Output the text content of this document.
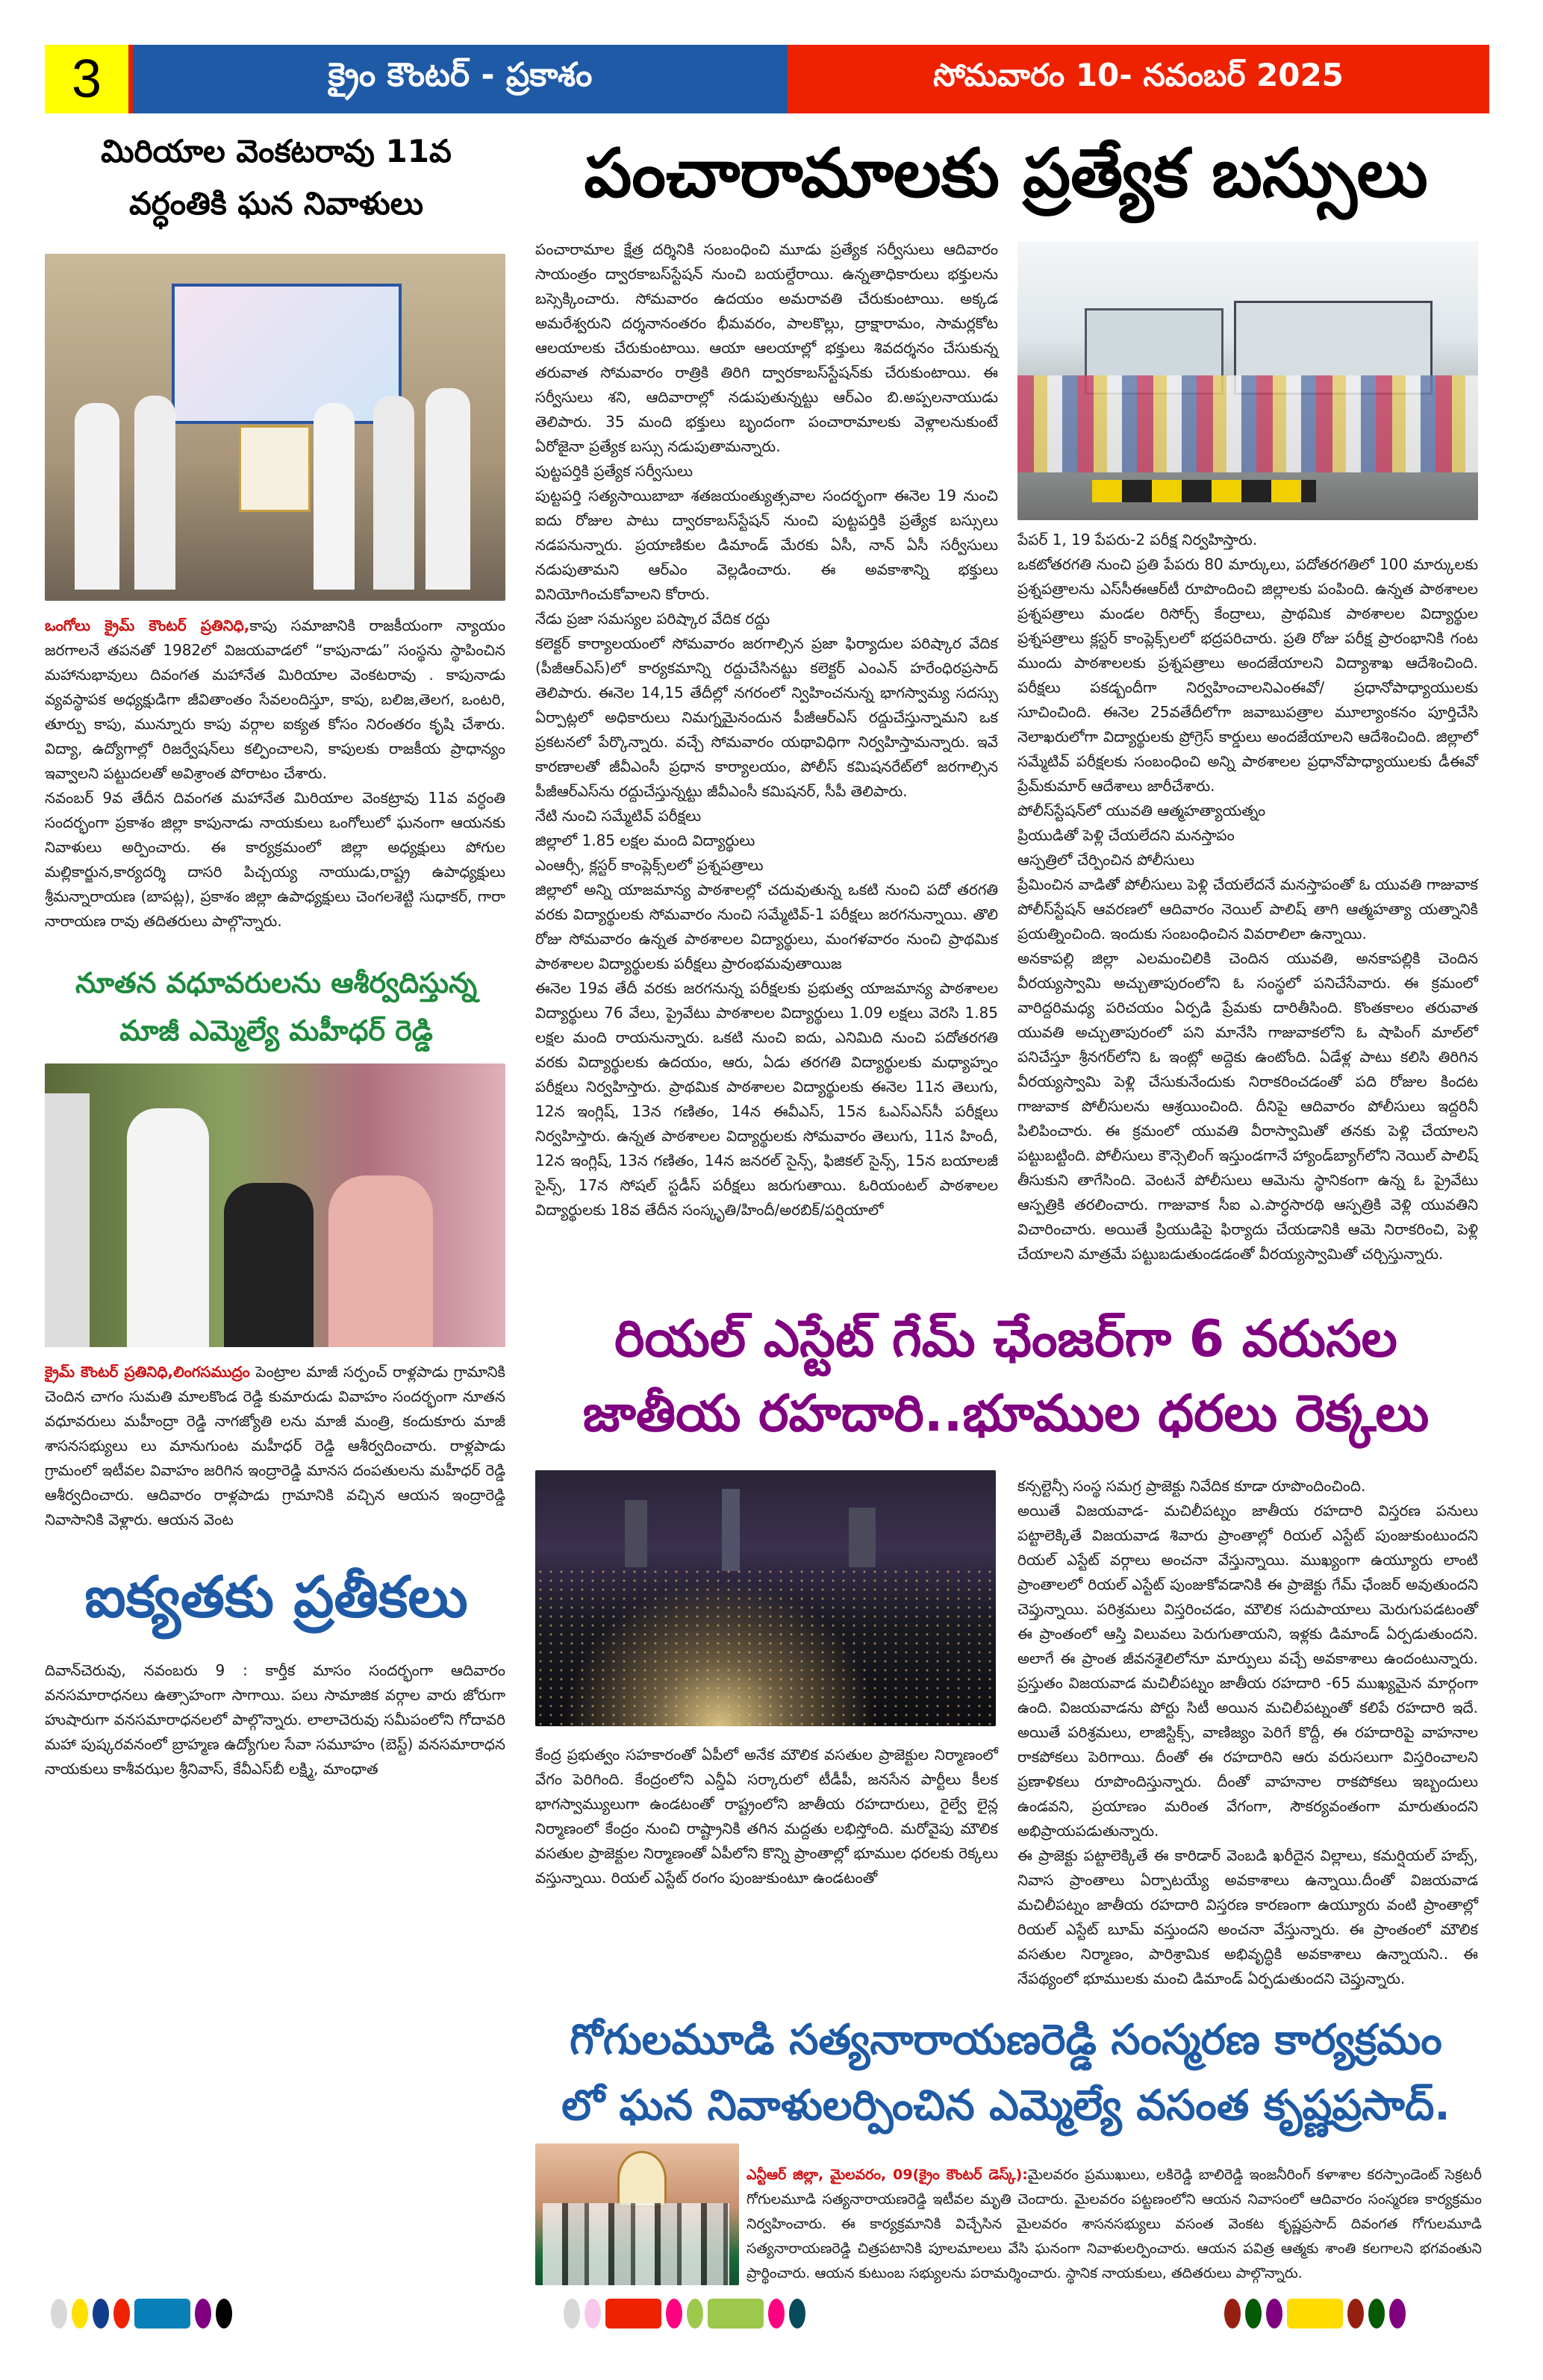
3	క్రైం కౌంటర్ - ప్రకాశం	సోమవారం 10- నవంబర్ 2025
మిరియాల వెంకటరావు 11వ
వర్ధంతికి ఘన నివాళులు

ఒంగోలు క్రైమ్ కౌంటర్ ప్రతినిధి,కాపు సమాజానికి రాజకీయంగా న్యాయం జరగాలనే తపనతో 1982లో విజయవాడలో “కాపునాడు” సంస్థను స్థాపించిన మహానుభావులు దివంగత మహానేత మిరియాల వెంకటరావు . కాపునాడు వ్యవస్థాపక అధ్యక్షుడిగా జీవితాంతం సేవలందిస్తూ, కాపు, బలిజ,తెలగ, ఒంటరి, తూర్పు కాపు, మున్నూరు కాపు వర్గాల ఐక్యత కోసం నిరంతరం కృషి చేశారు. విద్యా, ఉద్యోగాల్లో రిజర్వేషన్‌లు కల్పించాలని, కాపులకు రాజకీయ ప్రాధాన్యం ఇవ్వాలని పట్టుదలతో అవిశ్రాంత పోరాటం చేశారు.

నవంబర్ 9వ తేదీన దివంగత మహానేత మిరియాల వెంకట్రావు 11వ వర్ధంతి సందర్భంగా ప్రకాశం జిల్లా కాపునాడు నాయకులు ఒంగోలులో ఘనంగా ఆయనకు నివాళులు అర్పించారు. ఈ కార్యక్రమంలో జిల్లా అధ్యక్షులు పోగుల మల్లికార్జున,కార్యదర్శి దాసరి పిచ్చయ్య నాయుడు,రాష్ట్ర ఉపాధ్యక్షులు శ్రీమన్నారాయణ (బాపట్ల), ప్రకాశం జిల్లా ఉపాధ్యక్షులు చెంగలశెట్టి సుధాకర్, గారా నారాయణ రావు తదితరులు పాల్గొన్నారు.

నూతన వధూవరులను ఆశీర్వదిస్తున్న
మాజీ ఎమ్మెల్యే మహీధర్ రెడ్డి

క్రైమ్ కౌంటర్ ప్రతినిధి,లింగసముద్రం పెంట్రాల మాజీ సర్పంచ్ రాళ్లపాడు గ్రామానికి చెందిన చాగం సుమతి మాలకొండ రెడ్డి కుమారుడు వివాహం సందర్భంగా నూతన వధూవరులు మహీంద్రా రెడ్డి నాగజ్యోతి లను మాజీ మంత్రి, కందుకూరు మాజీ శాసనసభ్యులు లు మానుగుంట మహీధర్ రెడ్డి ఆశీర్వదించారు. రాళ్లపాడు గ్రామంలో ఇటీవల వివాహం జరిగిన ఇంద్రారెడ్డి మానస దంపతులను మహీధర్ రెడ్డి ఆశీర్వదించారు. ఆదివారం రాళ్లపాడు గ్రామానికి వచ్చిన ఆయన ఇంద్రారెడ్డి నివాసానికి వెళ్లారు. ఆయన వెంట

ఐక్యతకు ప్రతీకలు

దివాన్‌చెరువు, నవంబరు 9 : కార్తీక మాసం సందర్భంగా ఆదివారం వనసమారాధనలు ఉత్సాహంగా సాగాయి. పలు సామాజిక వర్గాల వారు జోరుగా హుషారుగా వనసమారాధనలలో పాల్గొన్నారు. లాలాచెరువు సమీపంలోని గోదావరి మహా పుష్కరవనంలో బ్రాహ్మణ ఉద్యోగుల సేవా సమూహం (బెస్ట్) వనసమారాధన నాయకులు కాశీవఝల శ్రీనివాస్, కేవీఎస్‌బీ లక్ష్మి, మాంధాత

పంచారామాలకు ప్రత్యేక బస్సులు

పంచారామాల క్షేత్ర దర్శినికి సంబంధించి మూడు ప్రత్యేక సర్వీసులు ఆదివారం సాయంత్రం ద్వారకాబస్‌స్టేషన్ నుంచి బయల్దేరాయి. ఉన్నతాధికారులు భక్తులను బస్సెక్కించారు. సోమవారం ఉదయం అమరావతి చేరుకుంటాయి. అక్కడ అమరేశ్వరుని దర్శనానంతరం భీమవరం, పాలకొల్లు, ద్రాక్షారామం, సామర్లకోట ఆలయాలకు చేరుకుంటాయి. ఆయా ఆలయాల్లో భక్తులు శివదర్శనం చేసుకున్న తరువాత సోమవారం రాత్రికి తిరిగి ద్వారకాబస్‌స్టేషన్‌కు చేరుకుంటాయి. ఈ సర్వీసులు శని, ఆదివారాల్లో నడుపుతున్నట్టు ఆర్‌ఎం బి.అప్పలనాయుడు తెలిపారు. 35 మంది భక్తులు బృందంగా పంచారామాలకు వెళ్లాలనుకుంటే ఏరోజైనా ప్రత్యేక బస్సు నడుపుతామన్నారు.

పుట్టపర్తికి ప్రత్యేక సర్వీసులు

పుట్టపర్తి సత్యసాయిబాబా శతజయంత్యుత్సవాల సందర్భంగా ఈనెల 19 నుంచి ఐదు రోజుల పాటు ద్వారకాబస్‌స్టేషన్ నుంచి పుట్టపర్తికి ప్రత్యేక బస్సులు నడపనున్నారు. ప్రయాణికుల డిమాండ్ మేరకు ఏసీ, నాన్ ఏసీ సర్వీసులు నడుపుతామని ఆర్‌ఎం వెల్లడించారు. ఈ అవకాశాన్ని భక్తులు వినియోగించుకోవాలని కోరారు.

నేడు ప్రజా సమస్యల పరిష్కార వేదిక రద్దు

కలెక్టర్ కార్యాలయంలో సోమవారం జరగాల్సిన ప్రజా ఫిర్యాదుల పరిష్కార వేదిక (పీజీఆర్‌ఎస్)లో కార్యకమాన్ని రద్దుచేసినట్టు కలెక్టర్ ఎంఎన్ హరేంధిరప్రసాద్ తెలిపారు. ఈనెల 14,15 తేదీల్లో నగరంలో న్విహించనున్న భాగస్వామ్య సదస్సు ఏర్పాట్లలో అధికారులు నిమగ్నమైనందున పీజీఆర్‌ఎస్ రద్దుచేస్తున్నామని ఒక ప్రకటనలో పేర్కొన్నారు. వచ్చే సోమవారం యథావిధిగా నిర్వహిస్తామన్నారు. ఇవే కారణాలతో జీవీఎంసీ ప్రధాన కార్యాలయం, పోలీస్ కమిషనరేట్‌లో జరగాల్సిన పీజీఆర్‌ఎస్‌ను రద్దుచేస్తున్నట్టు జీవీఎంసీ కమిషనర్, సీపీ తెలిపారు.

నేటి నుంచి సమ్మేటివ్ పరీక్షలు

జిల్లాలో 1.85 లక్షల మంది విద్యార్థులు

ఎంఆర్సీ, క్లస్టర్ కాంప్లెక్స్‌లలో ప్రశ్నపత్రాలు

జిల్లాలో అన్ని యాజమాన్య పాఠశాలల్లో చదువుతున్న ఒకటి నుంచి పదో తరగతి వరకు విద్యార్థులకు సోమవారం నుంచి సమ్మేటివ్-1 పరీక్షలు జరగనున్నాయి. తొలి రోజు సోమవారం ఉన్నత పాఠశాలల విద్యార్థులు, మంగళవారం నుంచి ప్రాథమిక పాఠశాలల విద్యార్థులకు పరీక్షలు ప్రారంభమవుతాయిజ

ఈనెల 19వ తేదీ వరకు జరగనున్న పరీక్షలకు ప్రభుత్వ యాజమాన్య పాఠశాలల విద్యార్థులు 76 వేలు, ప్రైవేటు పాఠశాలల విద్యార్థులు 1.09 లక్షలు వెరసి 1.85 లక్షల మంది రాయనున్నారు. ఒకటి నుంచి ఐదు, ఎనిమిది నుంచి పదోతరగతి వరకు విద్యార్థులకు ఉదయం, ఆరు, ఏడు తరగతి విద్యార్థులకు మధ్యాహ్నం పరీక్షలు నిర్వహిస్తారు. ప్రాథమిక పాఠశాలల విద్యార్థులకు ఈనెల 11న తెలుగు, 12న ఇంగ్లిష్, 13న గణితం, 14న ఈవీఎస్, 15న ఓఎస్‌ఎస్‌సీ పరీక్షలు నిర్వహిస్తారు. ఉన్నత పాఠశాలల విద్యార్థులకు సోమవారం తెలుగు, 11న హిందీ, 12న ఇంగ్లిష్, 13న గణితం, 14న జనరల్ సైన్స్, ఫిజికల్ సైన్స్, 15న బయాలజీ సైన్స్, 17న సోషల్ స్టడీస్ పరీక్షలు జరుగుతాయి. ఓరియంటల్ పాఠశాలల విద్యార్థులకు 18వ తేదీన సంస్కృతి/హిందీ/అరబిక్/పర్షియాలో

పేపర్ 1, 19 పేపరు-2 పరీక్ష నిర్వహిస్తారు.

ఒకటోతరగతి నుంచి ప్రతి పేపరు 80 మార్కులు, పదోతరగతిలో 100 మార్కులకు ప్రశ్నపత్రాలను ఎస్‌సీఈఆర్‌టీ రూపొందించి జిల్లాలకు పంపింది. ఉన్నత పాఠశాలల ప్రశ్నపత్రాలు మండల రిసోర్స్ కేంద్రాలు, ప్రాథమిక పాఠశాలల విద్యార్థుల ప్రశ్నపత్రాలు క్లస్టర్ కాంప్లెక్స్‌లలో భద్రపరిచారు. ప్రతి రోజు పరీక్ష ప్రారంభానికి గంట ముందు పాఠశాలలకు ప్రశ్నపత్రాలు అందజేయాలని విద్యాశాఖ ఆదేశించింది. పరీక్షలు పకడ్బందీగా నిర్వహించాలనిఎంఈవో/ ప్రధానోపాధ్యాయులకు సూచించింది. ఈనెల 25వతేదీలోగా జవాబుపత్రాల మూల్యాంకనం పూర్తిచేసి నెలాఖరులోగా విద్యార్థులకు ప్రోగ్రెస్ కార్డులు అందజేయాలని ఆదేశించింది. జిల్లాలో సమ్మేటివ్ పరీక్షలకు సంబంధించి అన్ని పాఠశాలల ప్రధానోపాధ్యాయులకు డీఈవో ప్రేమ్‌కుమార్ ఆదేశాలు జారీచేశారు.

పోలీస్‌స్టేషన్‌లో యువతి ఆత్మహత్యాయత్నం

ప్రియుడితో పెళ్లి చేయలేదని మనస్తాపం

ఆస్పత్రిలో చేర్పించిన పోలీసులు

ప్రేమించిన వాడితో పోలీసులు పెళ్లి చేయలేదనే మనస్తాపంతో ఓ యువతి గాజువాక పోలీస్‌స్టేషన్ ఆవరణలో ఆదివారం నెయిల్ పాలిష్ తాగి ఆత్మహత్యా యత్నానికి ప్రయత్నించింది. ఇందుకు సంబంధించిన వివరాలిలా ఉన్నాయి.

అనకాపల్లి జిల్లా ఎలమంచిలికి చెందిన యువతి, అనకాపల్లికి చెందిన వీరయ్యస్వామి అచ్చుతాపురంలోని ఓ సంస్థలో పనిచేసేవారు. ఈ క్రమంలో వారిద్దరిమధ్య పరిచయం ఏర్పడి ప్రేమకు దారితీసింది. కొంతకాలం తరువాత యువతి అచ్చుతాపురంలో పని మానేసి గాజువాకలోని ఓ షాపింగ్ మాల్‌లో పనిచేస్తూ శ్రీనగర్‌లోని ఓ ఇంట్లో అద్దెకు ఉంటోంది. ఏడేళ్ల పాటు కలిసి తిరిగిన వీరయ్యస్వామి పెళ్లి చేసుకునేందుకు నిరాకరించడంతో పది రోజుల కిందట గాజువాక పోలీసులను ఆశ్రయించింది. దీనిపై ఆదివారం పోలీసులు ఇద్దరినీ పిలిపించారు. ఈ క్రమంలో యువతి వీరాస్వామితో తనకు పెళ్లి చేయాలని పట్టుబట్టింది. పోలీసులు కౌన్సెలింగ్ ఇస్తుండగానే హ్యాండ్‌బ్యాగ్‌లోని నెయిల్ పాలిష్ తీసుకుని తాగేసింది. వెంటనే పోలీసులు ఆమెను స్థానికంగా ఉన్న ఓ ప్రైవేటు ఆస్పత్రికి తరలించారు. గాజువాక సీఐ ఎ.పార్ధసారథి ఆస్పత్రికి వెళ్లి యువతిని విచారించారు. అయితే ప్రియుడిపై ఫిర్యాదు చేయడానికి ఆమె నిరాకరించి, పెళ్లి చేయాలని మాత్రమే పట్టుబడుతుండడంతో వీరయ్యస్వామితో చర్చిస్తున్నారు.

రియల్ ఎస్టేట్ గేమ్ ఛేంజర్‌గా 6 వరుసల
జాతీయ రహదారి..భూముల ధరలు రెక్కలు

కేంద్ర ప్రభుత్వం సహకారంతో ఏపీలో అనేక మౌలిక వసతుల ప్రాజెక్టుల నిర్మాణంలో వేగం పెరిగింది. కేంద్రంలోని ఎన్డీఏ సర్కారులో టీడీపీ, జనసేన పార్టీలు కీలక భాగస్వామ్యులుగా ఉండటంతో రాష్ట్రంలోని జాతీయ రహదారులు, రైల్వే లైన్ల నిర్మాణంలో కేంద్రం నుంచి రాష్ట్రానికి తగిన మద్దతు లభిస్తోంది. మరోవైపు మౌలిక వసతుల ప్రాజెక్టుల నిర్మాణంతో ఏపీలోని కొన్ని ప్రాంతాల్లో భూముల ధరలకు రెక్కలు వస్తున్నాయి. రియల్ ఎస్టేట్ రంగం పుంజుకుంటూ ఉండటంతో

కన్సల్టెన్సీ సంస్థ సమగ్ర ప్రాజెక్టు నివేదిక కూడా రూపొందించింది.

అయితే విజయవాడ- మచిలీపట్నం జాతీయ రహదారి విస్తరణ పనులు పట్టాలెక్కితే విజయవాడ శివారు ప్రాంతాల్లో రియల్ ఎస్టేట్ పుంజుకుంటుందని రియల్ ఎస్టేట్ వర్గాలు అంచనా వేస్తున్నాయి. ముఖ్యంగా ఉయ్యూరు లాంటి ప్రాంతాలలో రియల్ ఎస్టేట్ పుంజుకోవడానికి ఈ ప్రాజెక్టు గేమ్ ఛేంజర్ అవుతుందని చెప్తున్నాయి. పరిశ్రమలు విస్తరించడం, మౌలిక సదుపాయాలు మెరుగుపడటంతో ఈ ప్రాంతంలో ఆస్తి విలువలు పెరుగుతాయని, ఇళ్లకు డిమాండ్ ఏర్పడుతుందని. అలాగే ఈ ప్రాంత జీవనశైలిలోనూ మార్పులు వచ్చే అవకాశాలు ఉందంటున్నారు. ప్రస్తుతం విజయవాడ మచిలీపట్నం జాతీయ రహదారి -65 ముఖ్యమైన మార్గంగా ఉంది. విజయవాడను పోర్టు సిటీ అయిన మచిలీపట్నంతో కలిపే రహదారి ఇదే. అయితే పరిశ్రమలు, లాజిస్టిక్స్, వాణిజ్యం పెరిగే కొద్దీ, ఈ రహదారిపై వాహనాల రాకపోకలు పెరిగాయి. దీంతో ఈ రహదారిని ఆరు వరుసలుగా విస్తరించాలని ప్రణాళికలు రూపొందిస్తున్నారు. దీంతో వాహనాల రాకపోకలు ఇబ్బందులు ఉండవని, ప్రయాణం మరింత వేగంగా, సౌకర్యవంతంగా మారుతుందని అభిప్రాయపడుతున్నారు.

ఈ ప్రాజెక్టు పట్టాలెక్కితే ఈ కారిడార్ వెంబడి ఖరీదైన విల్లాలు, కమర్షియల్ హబ్స్, నివాస ప్రాంతాలు ఏర్పాటయ్యే అవకాశాలు ఉన్నాయి.దీంతో విజయవాడ మచిలీపట్నం జాతీయ రహదారి విస్తరణ కారణంగా ఉయ్యూరు వంటి ప్రాంతాల్లో రియల్ ఎస్టేట్ బూమ్ వస్తుందని అంచనా వేస్తున్నారు. ఈ ప్రాంతంలో మౌలిక వసతుల నిర్మాణం, పారిశ్రామిక అభివృద్ధికి అవకాశాలు ఉన్నాయని.. ఈ నేపథ్యంలో భూములకు మంచి డిమాండ్ ఏర్పడుతుందని చెప్తున్నారు.

గోగులమూడి సత్యనారాయణరెడ్డి సంస్మరణ కార్యక్రమం
లో ఘన నివాళులర్పించిన ఎమ్మెల్యే వసంత కృష్ణప్రసాద్.

ఎన్టీఆర్ జిల్లా, మైలవరం, 09(క్రైం కౌంటర్ డెస్క్):మైలవరం ప్రముఖులు, లకిరెడ్డి బాలిరెడ్డి ఇంజనీరింగ్ కళాశాల కరస్పాండెంట్ సెక్రటరీ గోగులమూడి సత్యనారాయణరెడ్డి ఇటీవల మృతి చెందారు. మైలవరం పట్టణంలోని ఆయన నివాసంలో ఆదివారం సంస్మరణ కార్యక్రమం నిర్వహించారు. ఈ కార్యక్రమానికి విచ్చేసిన మైలవరం శాసనసభ్యులు వసంత వెంకట కృష్ణప్రసాద్ దివంగత గోగులమూడి సత్యనారాయణరెడ్డి చిత్రపటానికి పూలమాలలు వేసి ఘనంగా నివాళులర్పించారు. ఆయన పవిత్ర ఆత్మకు శాంతి కలగాలని భగవంతుని ప్రార్థించారు. ఆయన కుటుంబ సభ్యులను పరామర్శించారు. స్థానిక నాయకులు, తదితరులు పాల్గొన్నారు.
